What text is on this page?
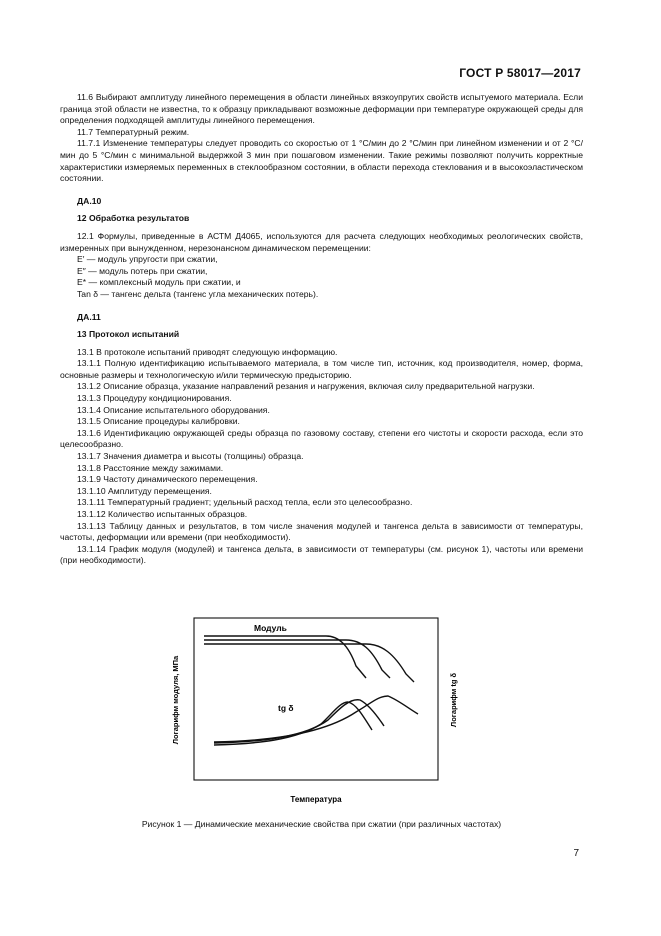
ГОСТ Р 58017—2017

11.6 Выбирают амплитуду линейного перемещения в области линейных вязкоупругих свойств испытуемого материала. Если граница этой области не известна, то к образцу прикладывают возможные деформации при температуре окружающей среды для определения подходящей амплитуды линейного перемещения.

11.7 Температурный режим.

11.7.1 Изменение температуры следует проводить со скоростью от 1 °С/мин до 2 °С/мин при линейном изменении и от 2 °С/мин до 5 °С/мин с минимальной выдержкой 3 мин при пошаговом изменении. Такие режимы позволяют получить корректные характеристики измеряемых переменных в стеклообразном состоянии, в области перехода стеклования и в высокоэластическом состоянии.

ДА.10

12 Обработка результатов

12.1 Формулы, приведенные в АСТМ Д4065, используются для расчета следующих необходимых реологических свойств, измеренных при вынужденном, нерезонансном динамическом перемещении:

E′ — модуль упругости при сжатии,

E″ — модуль потерь при сжатии,

E* — комплексный модуль при сжатии, и

Tan δ — тангенс дельта (тангенс угла механических потерь).

ДА.11

13 Протокол испытаний

13.1 В протоколе испытаний приводят следующую информацию.

13.1.1 Полную идентификацию испытываемого материала, в том числе тип, источник, код производителя, номер, форма, основные размеры и технологическую и/или термическую предысторию.

13.1.2 Описание образца, указание направлений резания и нагружения, включая силу предварительной нагрузки.

13.1.3 Процедуру кондиционирования.

13.1.4 Описание испытательного оборудования.

13.1.5 Описание процедуры калибровки.

13.1.6 Идентификацию окружающей среды образца по газовому составу, степени его чистоты и скорости расхода, если это целесообразно.

13.1.7 Значения диаметра и высоты (толщины) образца.

13.1.8 Расстояние между зажимами.

13.1.9 Частоту динамического перемещения.

13.1.10 Амплитуду перемещения.

13.1.11 Температурный градиент; удельный расход тепла, если это целесообразно.

13.1.12 Количество испытанных образцов.

13.1.13 Таблицу данных и результатов, в том числе значения модулей и тангенса дельта в зависимости от температуры, частоты, деформации или времени (при необходимости).

13.1.14 График модуля (модулей) и тангенса дельта, в зависимости от температуры (см. рисунок 1), частоты или времени (при необходимости).

Модуль
tg δ
Логарифм модуля, МПа	Логарифм tg δ
Температура
Рисунок 1 — Динамические механические свойства при сжатии (при различных частотах)
7
